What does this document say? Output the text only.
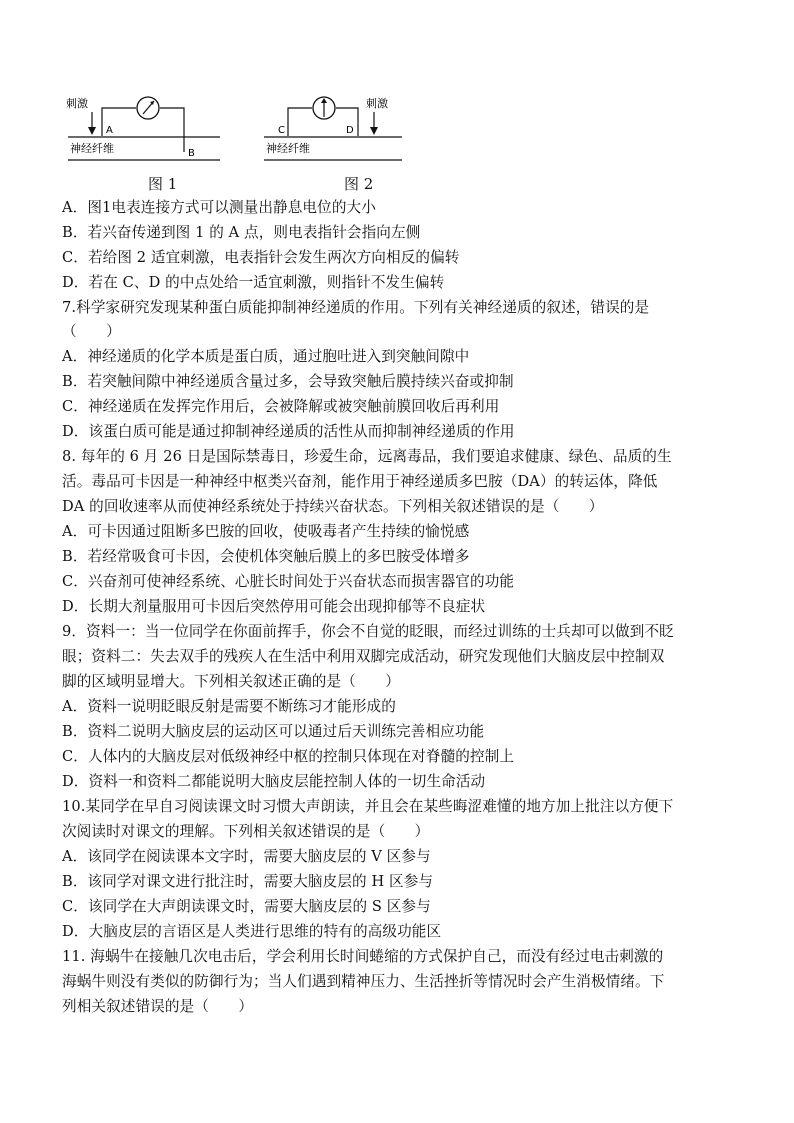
刺激
A
神经纤维	B
图 1
刺激
C	D
神经纤维
图 2
A．图1电表连接方式可以测量出静息电位的大小
B．若兴奋传递到图 1 的 A 点，则电表指针会指向左侧
C．若给图 2 适宜刺激，电表指针会发生两次方向相反的偏转
D．若在 C、D 的中点处给一适宜刺激，则指针不发生偏转
7.科学家研究发现某种蛋白质能抑制神经递质的作用。下列有关神经递质的叙述，错误的是
（　　）
A．神经递质的化学本质是蛋白质，通过胞吐进入到突触间隙中
B．若突触间隙中神经递质含量过多，会导致突触后膜持续兴奋或抑制
C．神经递质在发挥完作用后，会被降解或被突触前膜回收后再利用
D．该蛋白质可能是通过抑制神经递质的活性从而抑制神经递质的作用
8. 每年的 6 月 26 日是国际禁毒日，珍爱生命，远离毒品，我们要追求健康、绿色、品质的生
活。毒品可卡因是一种神经中枢类兴奋剂，能作用于神经递质多巴胺（DA）的转运体，降低
DA 的回收速率从而使神经系统处于持续兴奋状态。下列相关叙述错误的是（　　）
A．可卡因通过阻断多巴胺的回收，使吸毒者产生持续的愉悦感
B．若经常吸食可卡因，会使机体突触后膜上的多巴胺受体增多
C．兴奋剂可使神经系统、心脏长时间处于兴奋状态而损害器官的功能
D．长期大剂量服用可卡因后突然停用可能会出现抑郁等不良症状
9．资料一：当一位同学在你面前挥手，你会不自觉的眨眼，而经过训练的士兵却可以做到不眨
眼；资料二：失去双手的残疾人在生活中利用双脚完成活动，研究发现他们大脑皮层中控制双
脚的区域明显增大。下列相关叙述正确的是（　　）
A．资料一说明眨眼反射是需要不断练习才能形成的
B．资料二说明大脑皮层的运动区可以通过后天训练完善相应功能
C．人体内的大脑皮层对低级神经中枢的控制只体现在对脊髓的控制上
D．资料一和资料二都能说明大脑皮层能控制人体的一切生命活动
10.某同学在早自习阅读课文时习惯大声朗读，并且会在某些晦涩难懂的地方加上批注以方便下
次阅读时对课文的理解。下列相关叙述错误的是（　　）
A．该同学在阅读课本文字时，需要大脑皮层的 V 区参与
B．该同学对课文进行批注时，需要大脑皮层的 H 区参与
C．该同学在大声朗读课文时，需要大脑皮层的 S 区参与
D．大脑皮层的言语区是人类进行思维的特有的高级功能区
11. 海蜗牛在接触几次电击后，学会利用长时间蜷缩的方式保护自己，而没有经过电击刺激的
海蜗牛则没有类似的防御行为；当人们遇到精神压力、生活挫折等情况时会产生消极情绪。下
列相关叙述错误的是（　　）
